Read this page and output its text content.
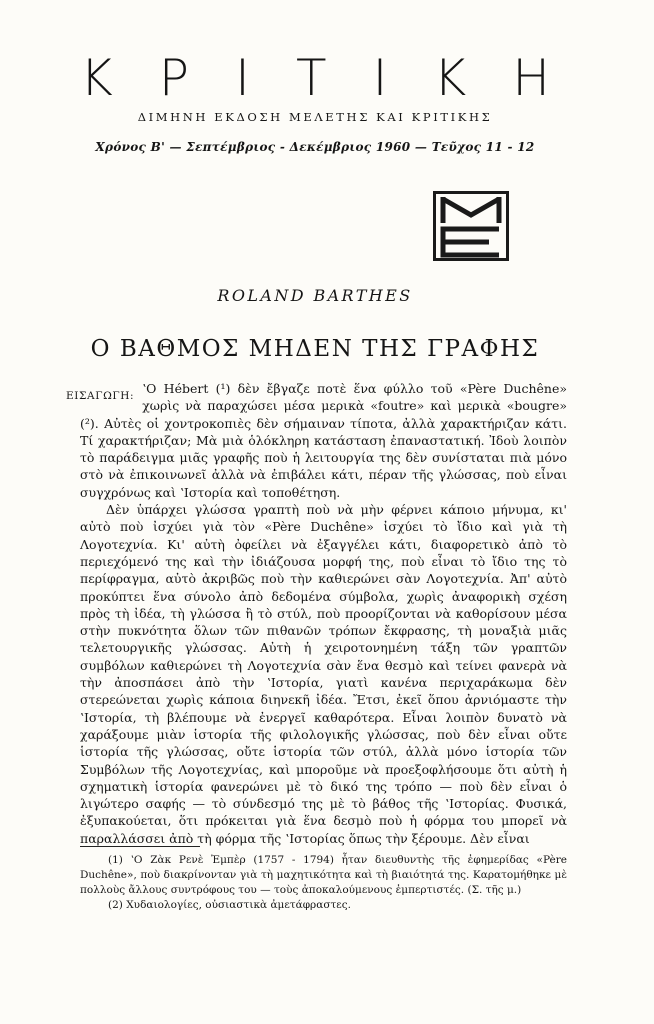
Κ Ρ Ι Τ Ι Κ Η
ΔΙΜΗΝΗ ΕΚΔΟΣΗ ΜΕΛΕΤΗΣ ΚΑΙ ΚΡΙΤΙΚΗΣ
Χρόνος Β' — Σεπτέμβριος - Δεκέμβριος 1960 — Τεῦχος 11 - 12
ROLAND BARTHES
Ο ΒΑΘΜΟΣ ΜΗΔΕΝ ΤΗΣ ΓΡΑΦΗΣ
ΕΙΣΑΓΩΓΗ: ʽΟ Hébert (¹) δὲν ἔβγαζε ποτὲ ἕνα φύλλο τοῦ «Père Duchêne» χωρὶς νὰ παραχώσει μέσα μερικὰ «foutre» καὶ μερικὰ «bougre» (²). Αὐτὲς οἱ χοντροκοπιὲς δὲν σήμαιναν τίποτα, ἀλλὰ χαρακτήριζαν κάτι. Τί χαρακτήριζαν; Μὰ μιὰ ὁλόκληρη κατάσταση ἐπαναστατική. Ἰδοὺ λοιπὸν τὸ παράδειγμα μιᾶς γραφῆς ποὺ ἡ λειτουργία της δὲν συνίσταται πιὰ μόνο στὸ νὰ ἐπικοινωνεῖ ἀλλὰ νὰ ἐπιβάλει κάτι, πέραν τῆς γλώσσας, ποὺ εἶναι συγχρόνως καὶ ʽΙστορία καὶ τοποθέτηση.

Δὲν ὑπάρχει γλώσσα γραπτὴ ποὺ νὰ μὴν φέρνει κάποιο μήνυμα, κι' αὐτὸ ποὺ ἰσχύει γιὰ τὸν «Père Duchêne» ἰσχύει τὸ ἴδιο καὶ γιὰ τὴ Λογοτεχνία. Κι' αὐτὴ ὀφείλει νὰ ἐξαγγέλει κάτι, διαφορετικὸ ἀπὸ τὸ περιεχόμενό της καὶ τὴν ἰδιάζουσα μορφή της, ποὺ εἶναι τὸ ἴδιο της τὸ περίφραγμα, αὐτὸ ἀκριβῶς ποὺ τὴν καθιερώνει σὰν Λογοτεχνία. Ἀπ' αὐτὸ προκύπτει ἕνα σύνολο ἀπὸ δεδομένα σύμβολα, χωρὶς ἀναφορικὴ σχέση πρὸς τὴ ἰδέα, τὴ γλώσσα ἢ τὸ στύλ, ποὺ προορίζονται νὰ καθορίσουν μέσα στὴν πυκνότητα ὅλων τῶν πιθανῶν τρόπων ἔκφρασης, τὴ μοναξιὰ μιᾶς τελετουργικῆς γλώσσας. Αὐτὴ ἡ χειροτονημένη τάξη τῶν γραπτῶν συμβόλων καθιερώνει τὴ Λογοτεχνία σὰν ἕνα θεσμὸ καὶ τείνει φανερὰ νὰ τὴν ἀποσπάσει ἀπὸ τὴν ʽΙστορία, γιατὶ κανένα περιχαράκωμα δὲν στερεώνεται χωρὶς κάποια διηνεκῆ ἰδέα. Ἔτσι, ἐκεῖ ὅπου ἀρνιόμαστε τὴν ʽΙστορία, τὴ βλέπουμε νὰ ἐνεργεῖ καθαρότερα. Εἶναι λοιπὸν δυνατὸ νὰ χαράξουμε μιὰν ἱστορία τῆς φιλολογικῆς γλώσσας, ποὺ δὲν εἶναι οὔτε ἱστορία τῆς γλώσσας, οὔτε ἱστορία τῶν στύλ, ἀλλὰ μόνο ἱστορία τῶν Συμβόλων τῆς Λογοτεχνίας, καὶ μποροῦμε νὰ προεξοφλήσουμε ὅτι αὐτὴ ἡ σχηματικὴ ἱστορία φανερώνει μὲ τὸ δικό της τρόπο — ποὺ δὲν εἶναι ὁ λιγώτερο σαφής — τὸ σύνδεσμό της μὲ τὸ βάθος τῆς ʽΙστορίας. Φυσικά, ἐξυπακούεται, ὅτι πρόκειται γιὰ ἕνα δεσμὸ ποὺ ἡ φόρμα του μπορεῖ νὰ παραλλάσσει ἀπὸ τὴ φόρμα τῆς ʽΙστορίας ὅπως τὴν ξέρουμε. Δὲν εἶναι

(1) ʽΟ Ζὰκ Ρενὲ Ἐμπὲρ (1757 - 1794) ἦταν διευθυντὴς τῆς ἐφημερίδας «Père Duchêne», ποὺ διακρίνονταν γιὰ τὴ μαχητικότητα καὶ τὴ βιαιότητά της. Καρατομήθηκε μὲ πολλοὺς ἄλλους συντρόφους του — τοὺς ἀποκαλούμενους ἐμπερτιστές. (Σ. τῆς μ.)

(2) Χυδαιολογίες, οὐσιαστικὰ ἀμετάφραστες.
